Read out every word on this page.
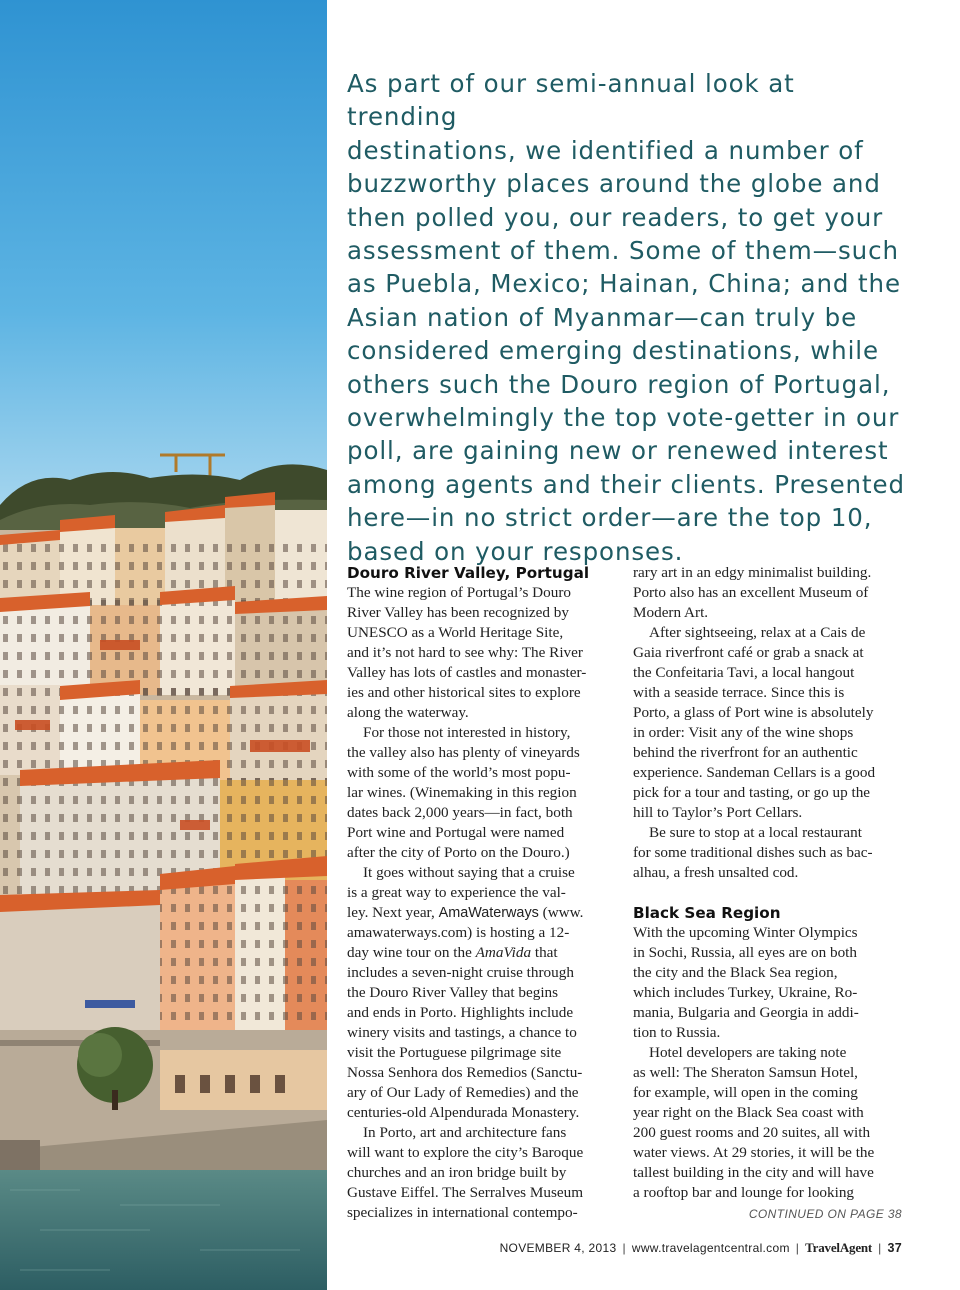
As part of our semi-annual look at trending
destinations, we identified a number of
buzzworthy places around the globe and
then polled you, our readers, to get your
assessment of them. Some of them—such
as Puebla, Mexico; Hainan, China; and the
Asian nation of Myanmar—can truly be
considered emerging destinations, while
others such the Douro region of Portugal,
overwhelmingly the top vote-getter in our
poll, are gaining new or renewed interest
among agents and their clients. Presented
here—in no strict order—are the top 10,
based on your responses.

Douro River Valley, Portugal

The wine region of Portugal’s Douro
River Valley has been recognized by
UNESCO as a World Heritage Site,
and it’s not hard to see why: The River
Valley has lots of castles and monaster-
ies and other historical sites to explore
along the waterway.

For those not interested in history,
the valley also has plenty of vineyards
with some of the world’s most popu-
lar wines. (Winemaking in this region
dates back 2,000 years—in fact, both
Port wine and Portugal were named
after the city of Porto on the Douro.)

It goes without saying that a cruise
is a great way to experience the val-
ley. Next year, AmaWaterways (www.
amawaterways.com) is hosting a 12-
day wine tour on the AmaVida that
includes a seven-night cruise through
the Douro River Valley that begins
and ends in Porto. Highlights include
winery visits and tastings, a chance to
visit the Portuguese pilgrimage site
Nossa Senhora dos Remedios (Sanctu-
ary of Our Lady of Remedies) and the
centuries-old Alpendurada Monastery.

In Porto, art and architecture fans
will want to explore the city’s Baroque
churches and an iron bridge built by
Gustave Eiffel. The Serralves Museum
specializes in international contempo-

rary art in an edgy minimalist building.
Porto also has an excellent Museum of
Modern Art.

After sightseeing, relax at a Cais de
Gaia riverfront café or grab a snack at
the Confeitaria Tavi, a local hangout
with a seaside terrace. Since this is
Porto, a glass of Port wine is absolutely
in order: Visit any of the wine shops
behind the riverfront for an authentic
experience. Sandeman Cellars is a good
pick for a tour and tasting, or go up the
hill to Taylor’s Port Cellars.

Be sure to stop at a local restaurant
for some traditional dishes such as bac-
alhau, a fresh unsalted cod.

Black Sea Region

With the upcoming Winter Olympics
in Sochi, Russia, all eyes are on both
the city and the Black Sea region,
which includes Turkey, Ukraine, Ro-
mania, Bulgaria and Georgia in addi-
tion to Russia.

Hotel developers are taking note
as well: The Sheraton Samsun Hotel,
for example, will open in the coming
year right on the Black Sea coast with
200 guest rooms and 20 suites, all with
water views. At 29 stories, it will be the
tallest building in the city and will have
a rooftop bar and lounge for looking

CONTINUED ON PAGE 38

NOVEMBER 4, 2013 | www.travelagentcentral.com | TravelAgent | 37
